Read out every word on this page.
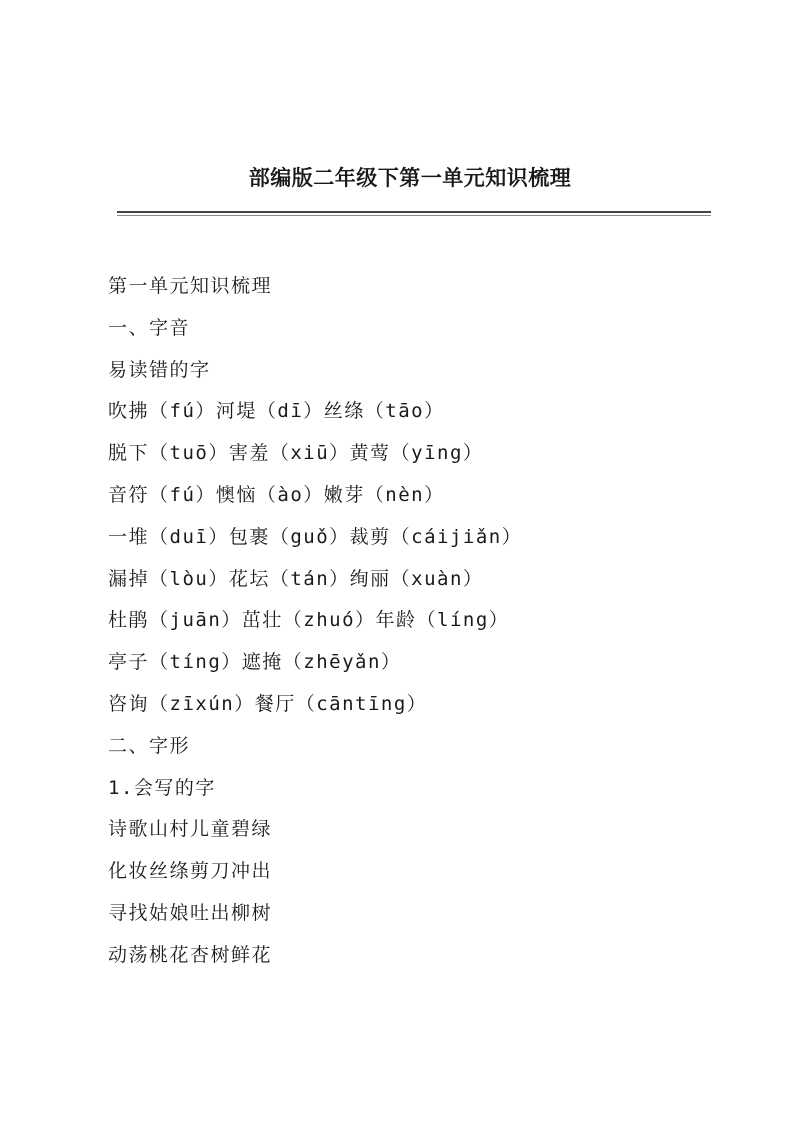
部编版二年级下第一单元知识梳理
第一单元知识梳理
一、字音
易读错的字
吹拂（fú）河堤（dī）丝绦（tāo）
脱下（tuō）害羞（xiū）黄莺（yīng）
音符（fú）懊恼（ào）嫩芽（nèn）
一堆（duī）包裹（guǒ）裁剪（cáijiǎn）
漏掉（lòu）花坛（tán）绚丽（xuàn）
杜鹃（juān）茁壮（zhuó）年龄（líng）
亭子（tíng）遮掩（zhēyǎn）
咨询（zīxún）餐厅（cāntīng）
二、字形
1.会写的字
诗歌山村儿童碧绿
化妆丝绦剪刀冲出
寻找姑娘吐出柳树
动荡桃花杏树鲜花
